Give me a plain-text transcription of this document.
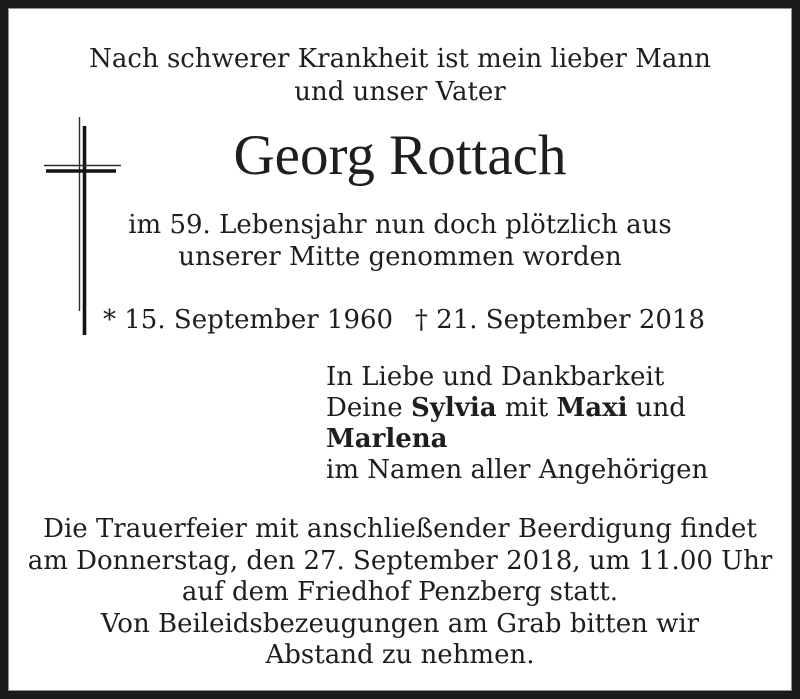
Nach schwerer Krankheit ist mein lieber Mann
und unser Vater
Georg Rottach
im 59. Lebensjahr nun doch plötzlich aus
unserer Mitte genommen worden
* 15. September 1960 † 21. September 2018
In Liebe und Dankbarkeit
Deine Sylvia mit Maxi und Marlena
im Namen aller Angehörigen
Die Trauerfeier mit anschließender Beerdigung findet
am Donnerstag, den 27. September 2018, um 11.00 Uhr
auf dem Friedhof Penzberg statt.
Von Beileidsbezeugungen am Grab bitten wir
Abstand zu nehmen.
